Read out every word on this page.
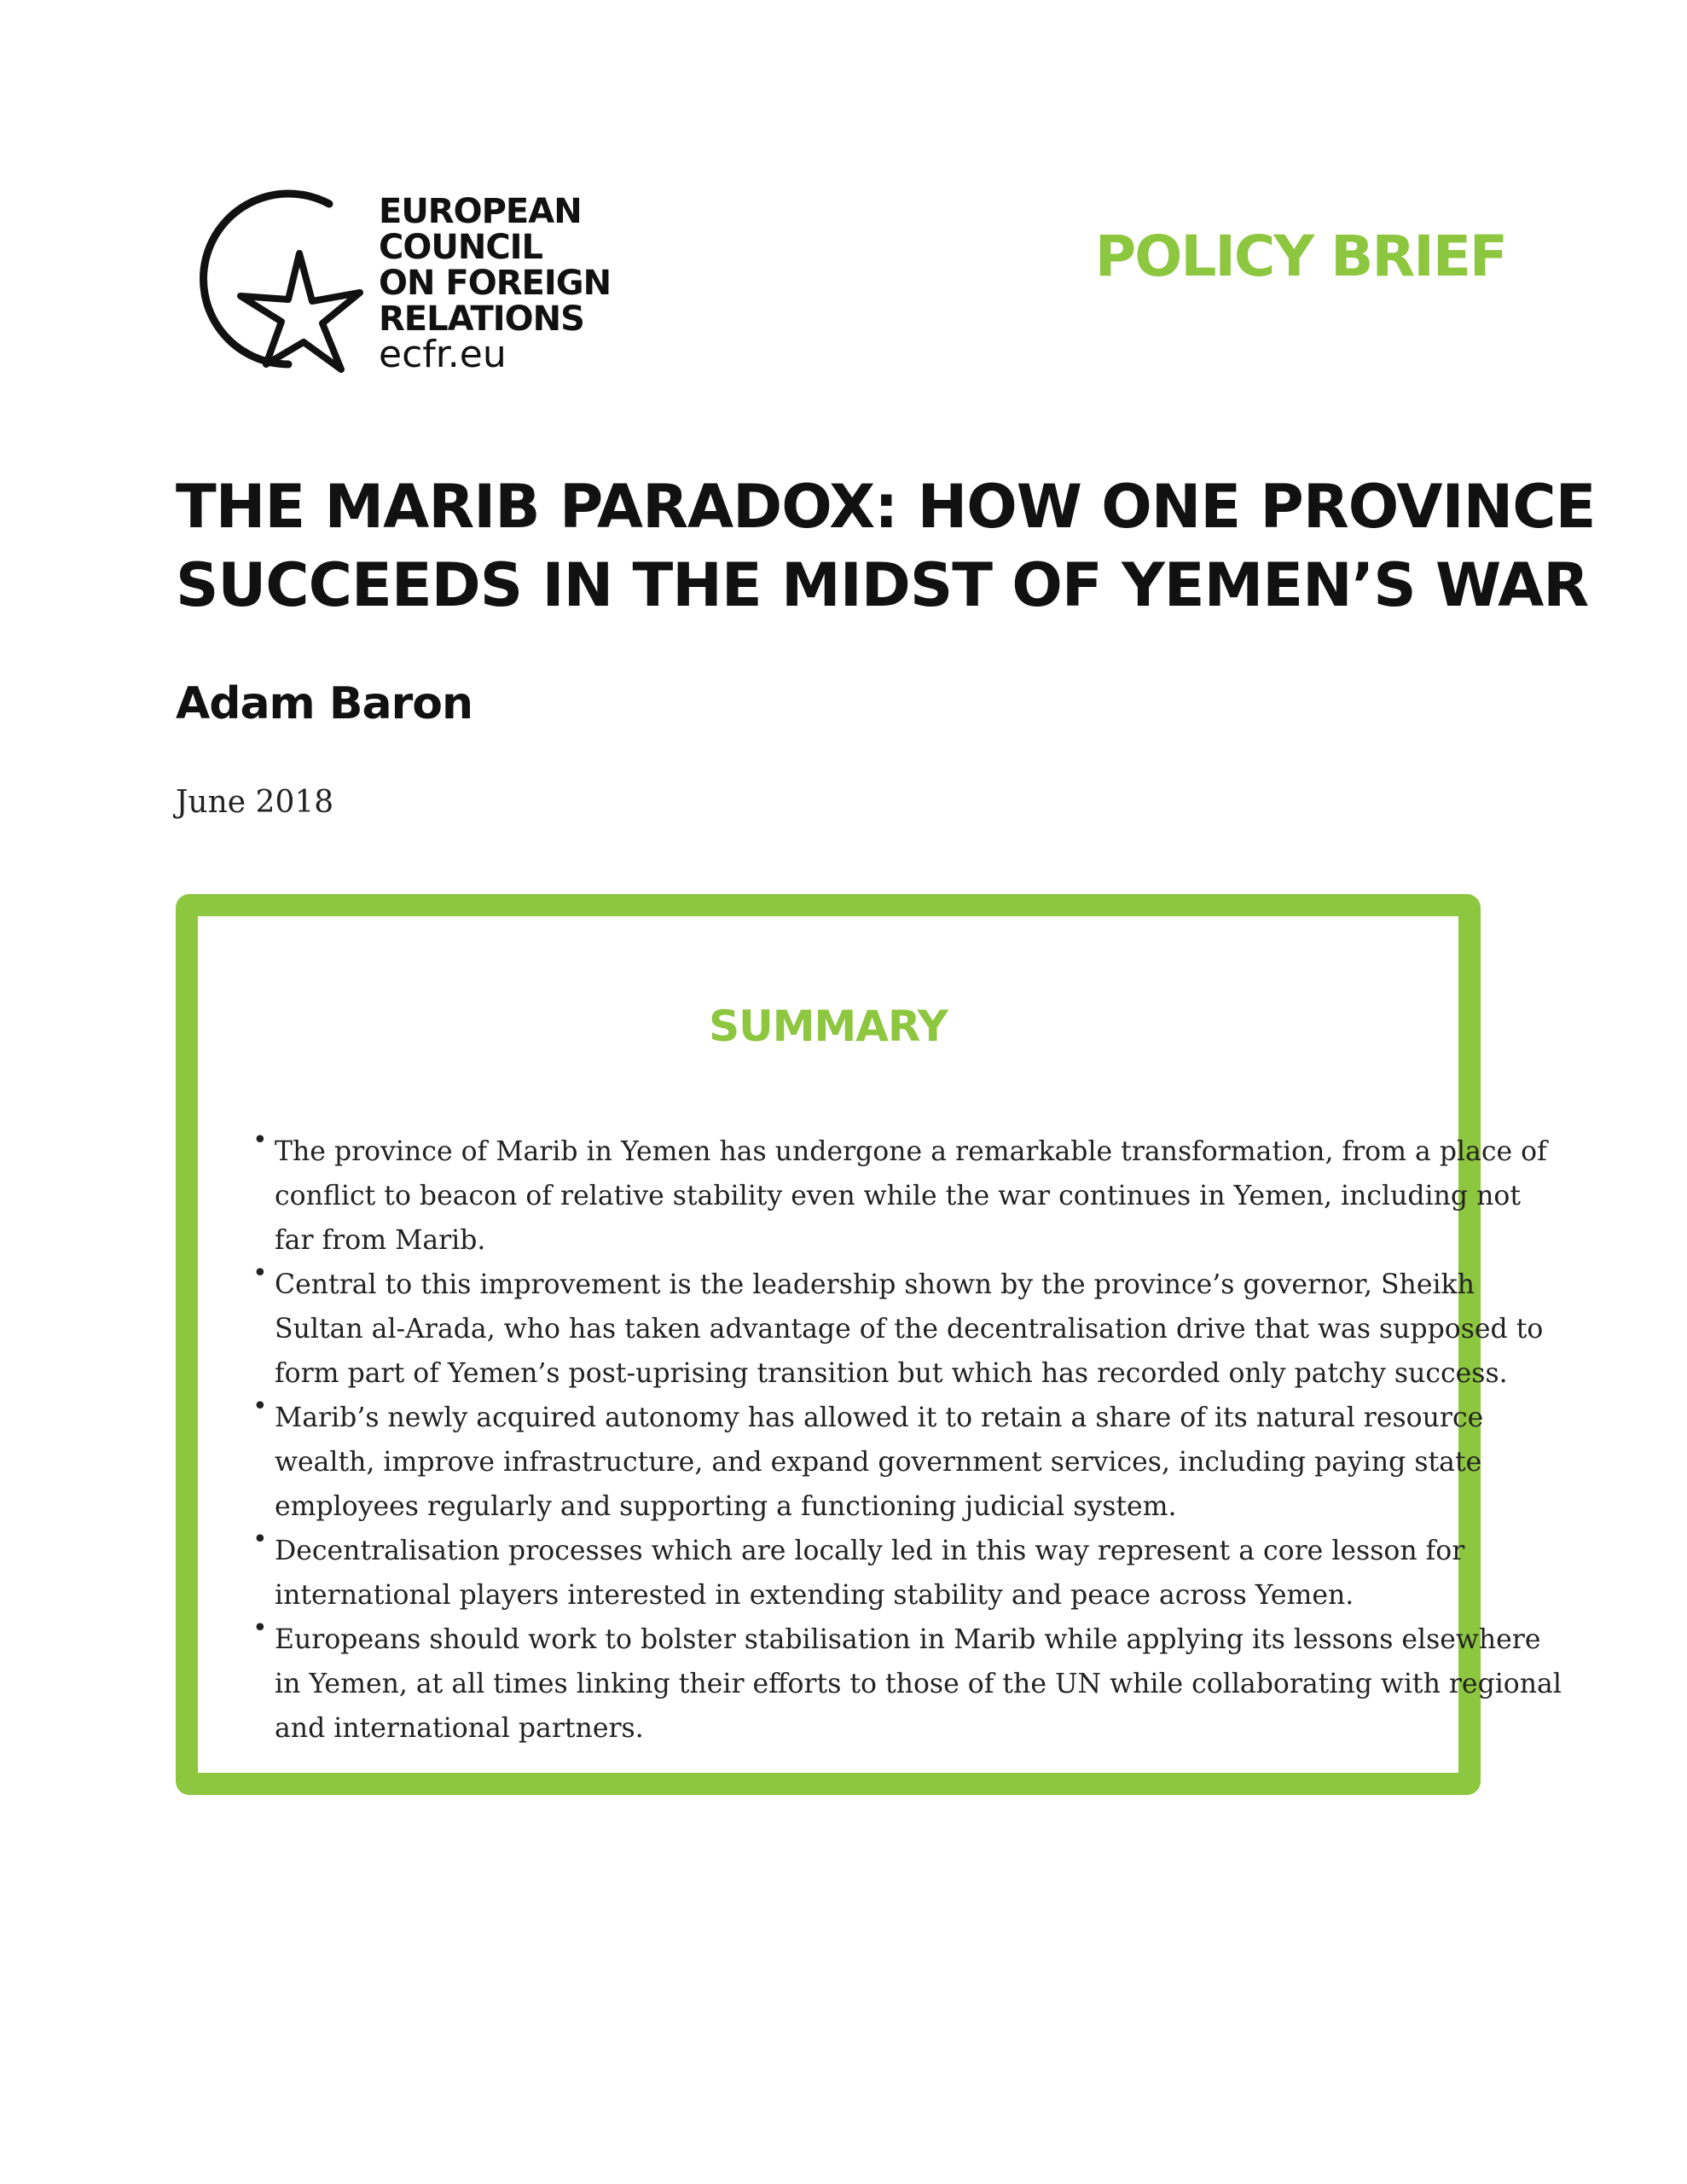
EUROPEAN
COUNCIL
ON FOREIGN
RELATIONS
ecfr.eu
POLICY BRIEF
THE MARIB PARADOX: HOW ONE PROVINCE
SUCCEEDS IN THE MIDST OF YEMEN’S WAR
Adam Baron
June 2018
SUMMARY
• The province of Marib in Yemen has undergone a remarkable transformation, from a place of
conflict to beacon of relative stability even while the war continues in Yemen, including not
far from Marib.
• Central to this improvement is the leadership shown by the province’s governor, Sheikh
Sultan al-Arada, who has taken advantage of the decentralisation drive that was supposed to
form part of Yemen’s post-uprising transition but which has recorded only patchy success.
• Marib’s newly acquired autonomy has allowed it to retain a share of its natural resource
wealth, improve infrastructure, and expand government services, including paying state
employees regularly and supporting a functioning judicial system.
• Decentralisation processes which are locally led in this way represent a core lesson for
international players interested in extending stability and peace across Yemen.
• Europeans should work to bolster stabilisation in Marib while applying its lessons elsewhere
in Yemen, at all times linking their efforts to those of the UN while collaborating with regional
and international partners.
